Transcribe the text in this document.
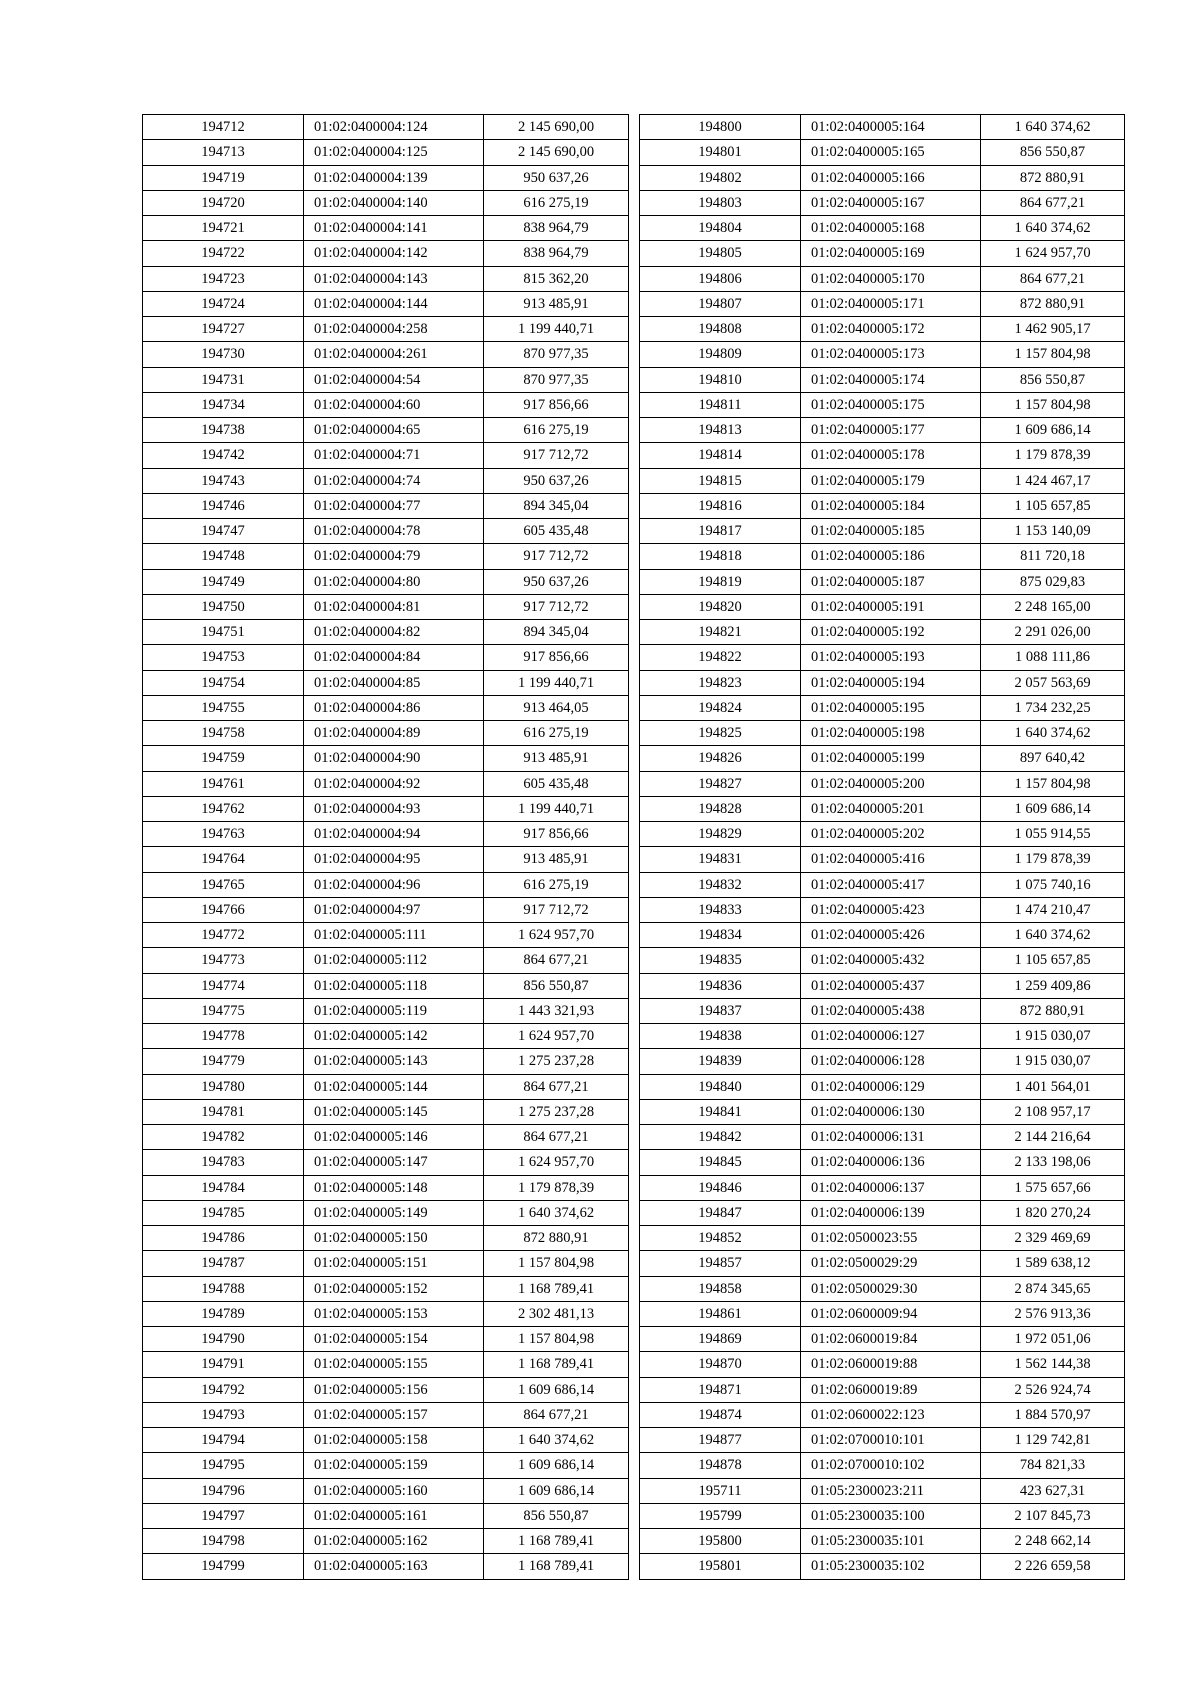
194712	01:02:0400004:124	2 145 690,00
194713	01:02:0400004:125	2 145 690,00
194719	01:02:0400004:139	950 637,26
194720	01:02:0400004:140	616 275,19
194721	01:02:0400004:141	838 964,79
194722	01:02:0400004:142	838 964,79
194723	01:02:0400004:143	815 362,20
194724	01:02:0400004:144	913 485,91
194727	01:02:0400004:258	1 199 440,71
194730	01:02:0400004:261	870 977,35
194731	01:02:0400004:54	870 977,35
194734	01:02:0400004:60	917 856,66
194738	01:02:0400004:65	616 275,19
194742	01:02:0400004:71	917 712,72
194743	01:02:0400004:74	950 637,26
194746	01:02:0400004:77	894 345,04
194747	01:02:0400004:78	605 435,48
194748	01:02:0400004:79	917 712,72
194749	01:02:0400004:80	950 637,26
194750	01:02:0400004:81	917 712,72
194751	01:02:0400004:82	894 345,04
194753	01:02:0400004:84	917 856,66
194754	01:02:0400004:85	1 199 440,71
194755	01:02:0400004:86	913 464,05
194758	01:02:0400004:89	616 275,19
194759	01:02:0400004:90	913 485,91
194761	01:02:0400004:92	605 435,48
194762	01:02:0400004:93	1 199 440,71
194763	01:02:0400004:94	917 856,66
194764	01:02:0400004:95	913 485,91
194765	01:02:0400004:96	616 275,19
194766	01:02:0400004:97	917 712,72
194772	01:02:0400005:111	1 624 957,70
194773	01:02:0400005:112	864 677,21
194774	01:02:0400005:118	856 550,87
194775	01:02:0400005:119	1 443 321,93
194778	01:02:0400005:142	1 624 957,70
194779	01:02:0400005:143	1 275 237,28
194780	01:02:0400005:144	864 677,21
194781	01:02:0400005:145	1 275 237,28
194782	01:02:0400005:146	864 677,21
194783	01:02:0400005:147	1 624 957,70
194784	01:02:0400005:148	1 179 878,39
194785	01:02:0400005:149	1 640 374,62
194786	01:02:0400005:150	872 880,91
194787	01:02:0400005:151	1 157 804,98
194788	01:02:0400005:152	1 168 789,41
194789	01:02:0400005:153	2 302 481,13
194790	01:02:0400005:154	1 157 804,98
194791	01:02:0400005:155	1 168 789,41
194792	01:02:0400005:156	1 609 686,14
194793	01:02:0400005:157	864 677,21
194794	01:02:0400005:158	1 640 374,62
194795	01:02:0400005:159	1 609 686,14
194796	01:02:0400005:160	1 609 686,14
194797	01:02:0400005:161	856 550,87
194798	01:02:0400005:162	1 168 789,41
194799	01:02:0400005:163	1 168 789,41
194800	01:02:0400005:164	1 640 374,62
194801	01:02:0400005:165	856 550,87
194802	01:02:0400005:166	872 880,91
194803	01:02:0400005:167	864 677,21
194804	01:02:0400005:168	1 640 374,62
194805	01:02:0400005:169	1 624 957,70
194806	01:02:0400005:170	864 677,21
194807	01:02:0400005:171	872 880,91
194808	01:02:0400005:172	1 462 905,17
194809	01:02:0400005:173	1 157 804,98
194810	01:02:0400005:174	856 550,87
194811	01:02:0400005:175	1 157 804,98
194813	01:02:0400005:177	1 609 686,14
194814	01:02:0400005:178	1 179 878,39
194815	01:02:0400005:179	1 424 467,17
194816	01:02:0400005:184	1 105 657,85
194817	01:02:0400005:185	1 153 140,09
194818	01:02:0400005:186	811 720,18
194819	01:02:0400005:187	875 029,83
194820	01:02:0400005:191	2 248 165,00
194821	01:02:0400005:192	2 291 026,00
194822	01:02:0400005:193	1 088 111,86
194823	01:02:0400005:194	2 057 563,69
194824	01:02:0400005:195	1 734 232,25
194825	01:02:0400005:198	1 640 374,62
194826	01:02:0400005:199	897 640,42
194827	01:02:0400005:200	1 157 804,98
194828	01:02:0400005:201	1 609 686,14
194829	01:02:0400005:202	1 055 914,55
194831	01:02:0400005:416	1 179 878,39
194832	01:02:0400005:417	1 075 740,16
194833	01:02:0400005:423	1 474 210,47
194834	01:02:0400005:426	1 640 374,62
194835	01:02:0400005:432	1 105 657,85
194836	01:02:0400005:437	1 259 409,86
194837	01:02:0400005:438	872 880,91
194838	01:02:0400006:127	1 915 030,07
194839	01:02:0400006:128	1 915 030,07
194840	01:02:0400006:129	1 401 564,01
194841	01:02:0400006:130	2 108 957,17
194842	01:02:0400006:131	2 144 216,64
194845	01:02:0400006:136	2 133 198,06
194846	01:02:0400006:137	1 575 657,66
194847	01:02:0400006:139	1 820 270,24
194852	01:02:0500023:55	2 329 469,69
194857	01:02:0500029:29	1 589 638,12
194858	01:02:0500029:30	2 874 345,65
194861	01:02:0600009:94	2 576 913,36
194869	01:02:0600019:84	1 972 051,06
194870	01:02:0600019:88	1 562 144,38
194871	01:02:0600019:89	2 526 924,74
194874	01:02:0600022:123	1 884 570,97
194877	01:02:0700010:101	1 129 742,81
194878	01:02:0700010:102	784 821,33
195711	01:05:2300023:211	423 627,31
195799	01:05:2300035:100	2 107 845,73
195800	01:05:2300035:101	2 248 662,14
195801	01:05:2300035:102	2 226 659,58
